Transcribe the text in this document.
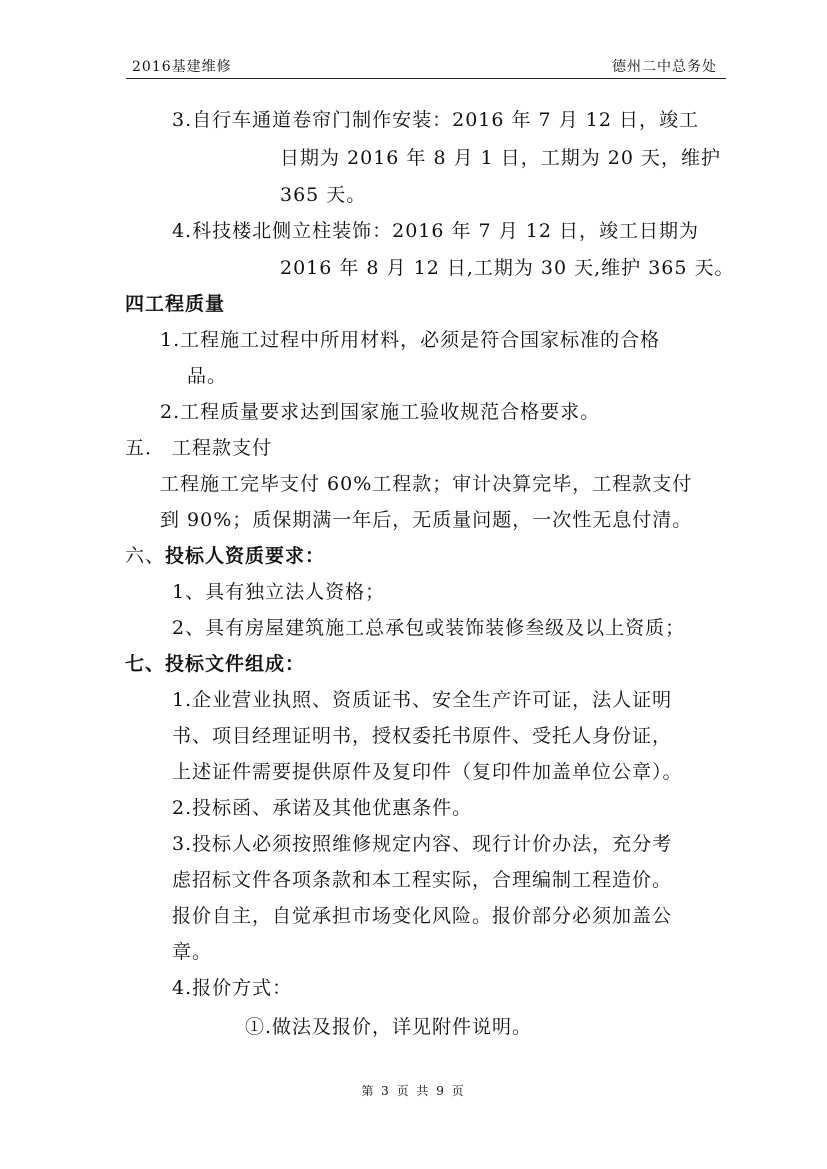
2016基建维修	德州二中总务处
3.自行车通道卷帘门制作安装：2016 年 7 月 12 日，竣工
日期为 2016 年 8 月 1 日，工期为 20 天，维护
365 天。
4.科技楼北侧立柱装饰：2016 年 7 月 12 日，竣工日期为
2016 年 8 月 12 日,工期为 30 天,维护 365 天。
四工程质量
1.工程施工过程中所用材料，必须是符合国家标准的合格
品。
2.工程质量要求达到国家施工验收规范合格要求。
五． 工程款支付
工程施工完毕支付 60%工程款；审计决算完毕，工程款支付
到 90%；质保期满一年后，无质量问题，一次性无息付清。
六、投标人资质要求：
1、具有独立法人资格；
2、具有房屋建筑施工总承包或装饰装修叁级及以上资质；
七、投标文件组成：
1.企业营业执照、资质证书、安全生产许可证，法人证明
书、项目经理证明书，授权委托书原件、受托人身份证，
上述证件需要提供原件及复印件（复印件加盖单位公章）。
2.投标函、承诺及其他优惠条件。
3.投标人必须按照维修规定内容、现行计价办法，充分考
虑招标文件各项条款和本工程实际，合理编制工程造价。
报价自主，自觉承担市场变化风险。报价部分必须加盖公
章。
4.报价方式：
①.做法及报价，详见附件说明。
第 3 页 共 9 页
